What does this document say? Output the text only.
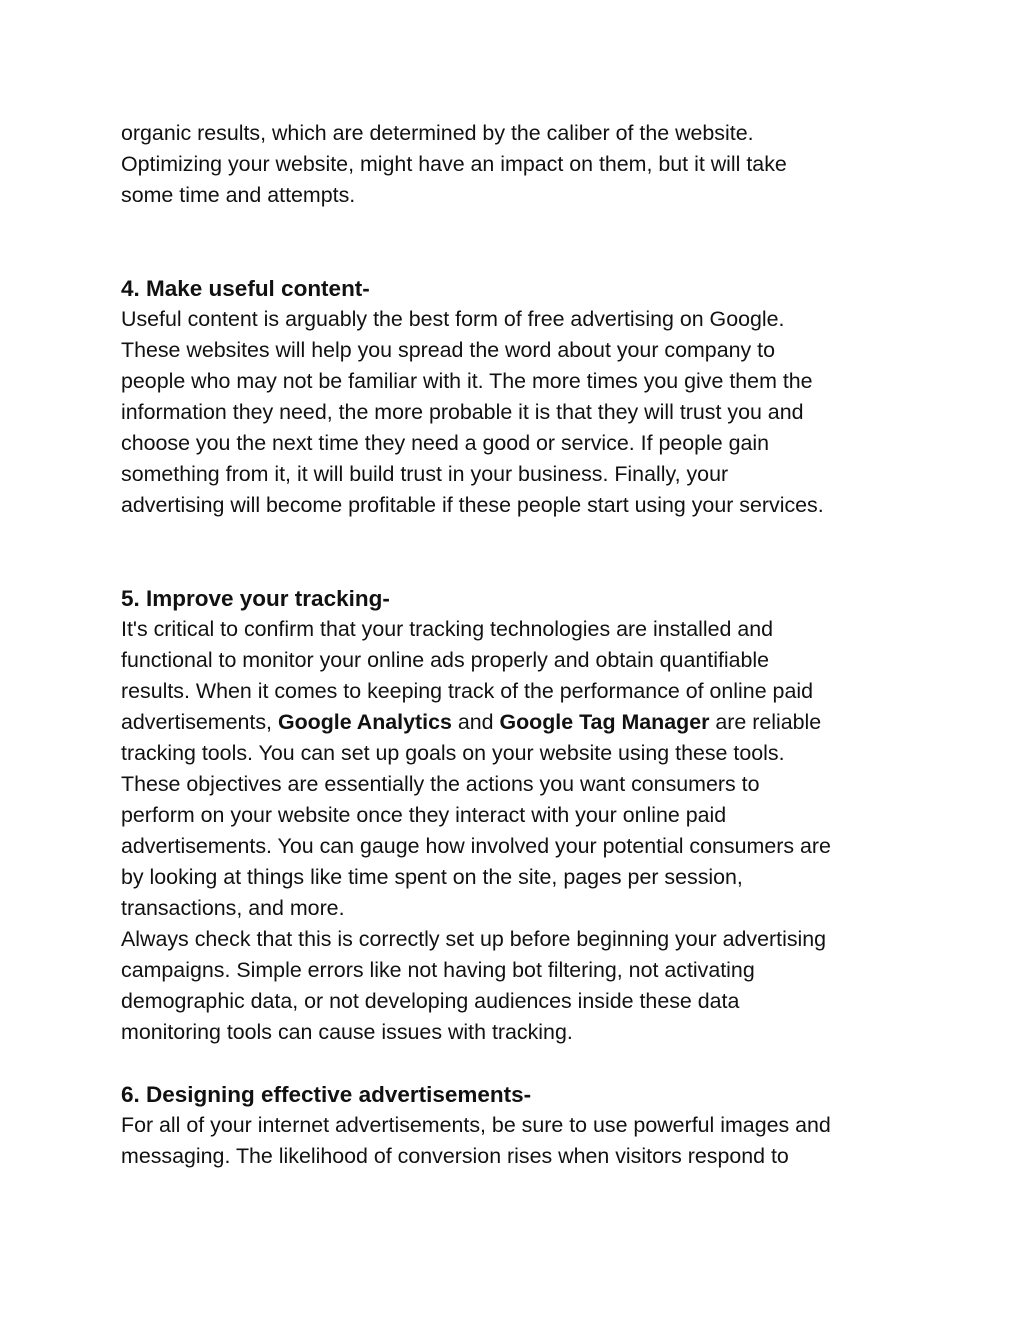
organic results, which are determined by the caliber of the website.
Optimizing your website, might have an impact on them, but it will take
some time and attempts.
4. Make useful content-
Useful content is arguably the best form of free advertising on Google.
These websites will help you spread the word about your company to
people who may not be familiar with it. The more times you give them the
information they need, the more probable it is that they will trust you and
choose you the next time they need a good or service. If people gain
something from it, it will build trust in your business. Finally, your
advertising will become profitable if these people start using your services.
5. Improve your tracking-
It's critical to confirm that your tracking technologies are installed and
functional to monitor your online ads properly and obtain quantifiable
results. When it comes to keeping track of the performance of online paid
advertisements, Google Analytics and Google Tag Manager are reliable
tracking tools. You can set up goals on your website using these tools.
These objectives are essentially the actions you want consumers to
perform on your website once they interact with your online paid
advertisements. You can gauge how involved your potential consumers are
by looking at things like time spent on the site, pages per session,
transactions, and more.
Always check that this is correctly set up before beginning your advertising
campaigns. Simple errors like not having bot filtering, not activating
demographic data, or not developing audiences inside these data
monitoring tools can cause issues with tracking.
6. Designing effective advertisements-
For all of your internet advertisements, be sure to use powerful images and
messaging. The likelihood of conversion rises when visitors respond to
